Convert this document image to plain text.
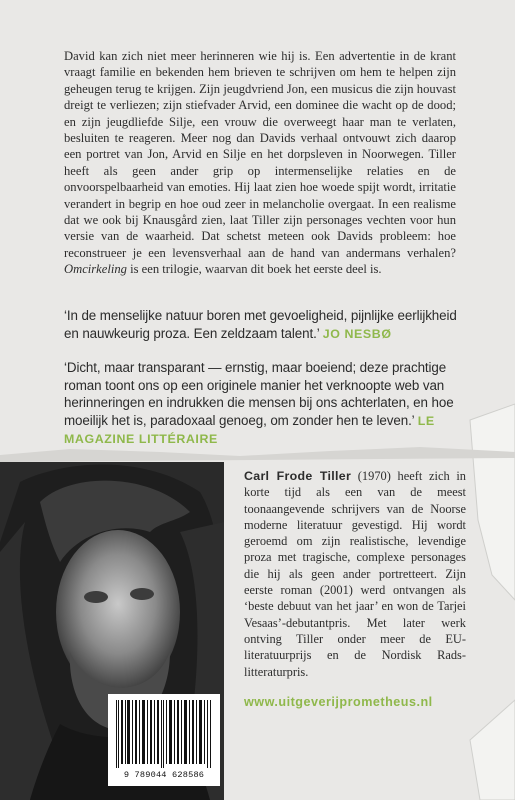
David kan zich niet meer herinneren wie hij is. Een advertentie in de krant vraagt familie en bekenden hem brieven te schrijven om hem te helpen zijn geheugen terug te krijgen. Zijn jeugdvriend Jon, een musicus die zijn houvast dreigt te verliezen; zijn stiefvader Arvid, een dominee die wacht op de dood; en zijn jeugdliefde Silje, een vrouw die overweegt haar man te verlaten, besluiten te reageren. Meer nog dan Davids verhaal ontvouwt zich daarop een portret van Jon, Arvid en Silje en het dorpsleven in Noorwegen. Tiller heeft als geen ander grip op intermenselijke relaties en de onvoorspelbaarheid van emoties. Hij laat zien hoe woede spijt wordt, irritatie verandert in begrip en hoe oud zeer in melancholie overgaat. In een realisme dat we ook bij Knausgård zien, laat Tiller zijn personages vechten voor hun versie van de waarheid. Dat schetst meteen ook Davids probleem: hoe reconstrueer je een levensverhaal aan de hand van andermans verhalen? Omcirkeling is een trilogie, waarvan dit boek het eerste deel is.

‘In de menselijke natuur boren met gevoeligheid, pijnlijke eerlijkheid en nauwkeurig proza. Een zeldzaam talent.’ JO NESBØ
‘Dicht, maar transparant — ernstig, maar boeiend; deze prachtige roman toont ons op een originele manier het verknoopte web van herinneringen en indrukken die mensen bij ons achterlaten, en hoe moeilijk het is, paradoxaal genoeg, om zonder hen te leven.’ LE MAGAZINE LITTÉRAIRE

Carl Frode Tiller (1970) heeft zich in korte tijd als een van de meest toonaangevende schrijvers van de Noorse moderne literatuur gevestigd. Hij wordt geroemd om zijn realistische, levendige proza met tragische, complexe personages die hij als geen ander portretteert. Zijn eerste roman (2001) werd ontvangen als ‘beste debuut van het jaar’ en won de Tarjei Vesaas’-debutantpris. Met later werk ontving Tiller onder meer de EU-literatuurprijs en de Nordisk Rads-litteraturpris.

www.uitgeverijprometheus.nl
9 789044 628586
